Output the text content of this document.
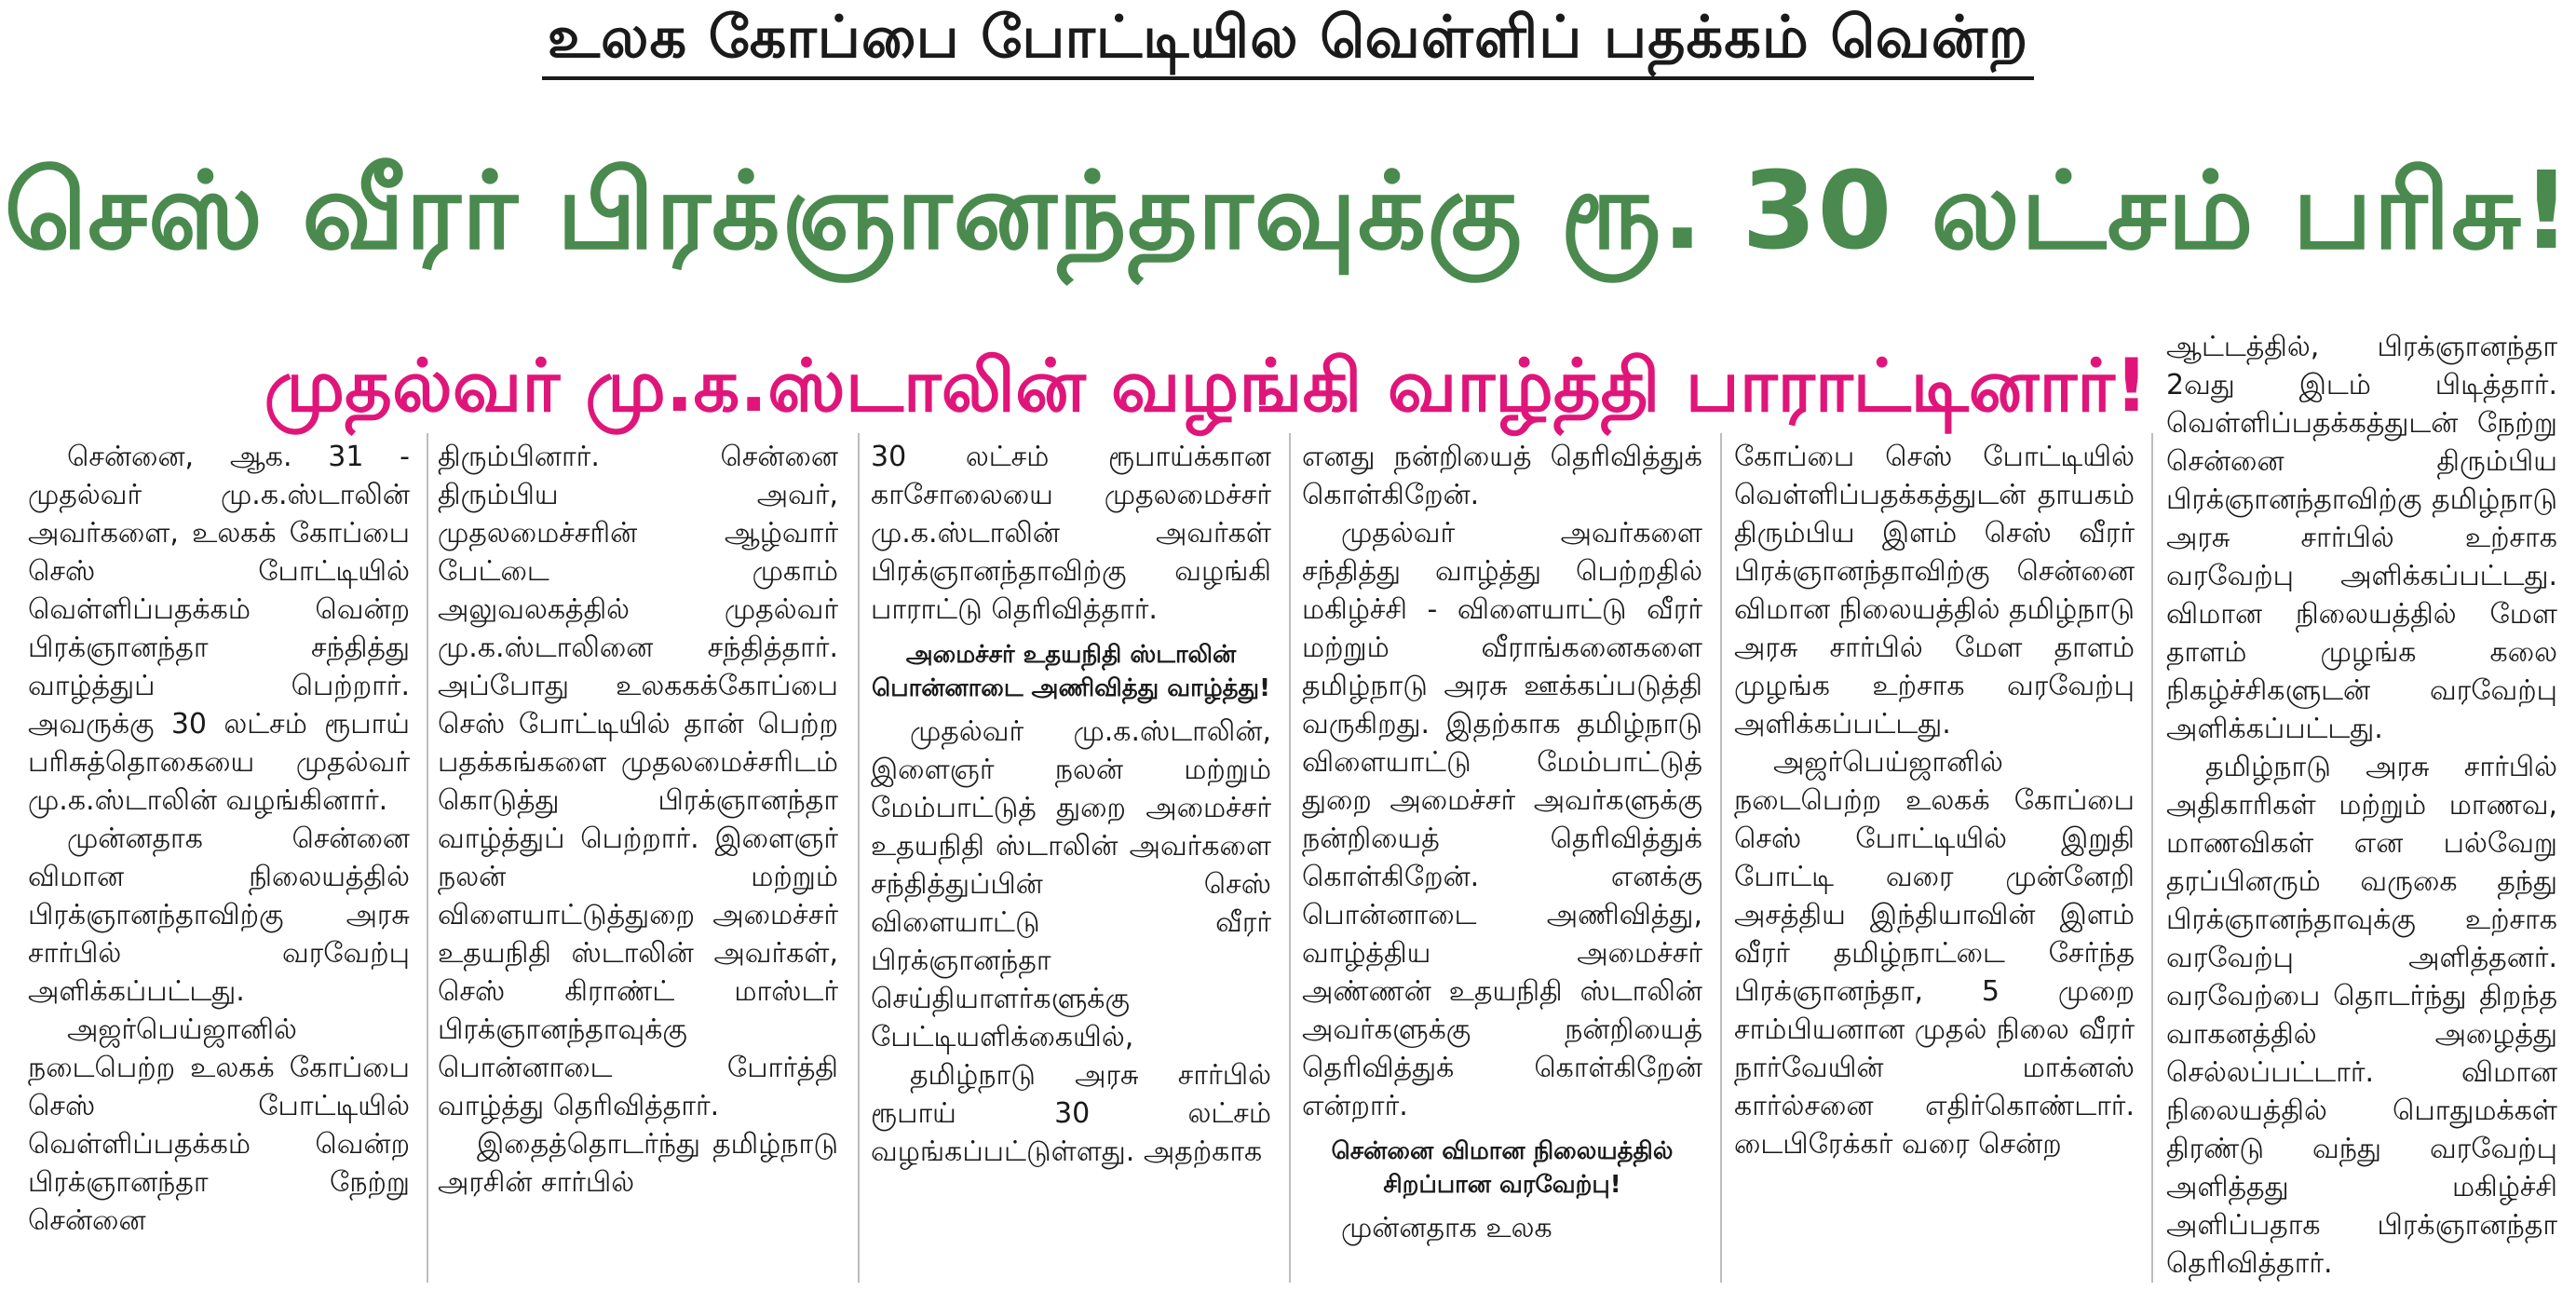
உலக கோப்பை போட்டியில வெள்ளிப் பதக்கம் வென்ற
செஸ் வீரர் பிரக்ஞானந்தாவுக்கு ரூ. 30 லட்சம் பரிசு!
முதல்வர் மு.க.ஸ்டாலின் வழங்கி வாழ்த்தி பாராட்டினார்!

சென்னை, ஆக. 31 - முதல்வர் மு.க.ஸ்டாலின் அவர்களை, உலகக் கோப்பை செஸ் போட்டியில் வெள்ளிப்பதக்கம் வென்ற பிரக்ஞானந்தா சந்தித்து வாழ்த்துப் பெற்றார். அவருக்கு 30 லட்சம் ரூபாய் பரிசுத்தொகையை முதல்வர் மு.க.ஸ்டாலின் வழங்கினார்.

முன்னதாக சென்னை விமான நிலையத்தில் பிரக்ஞானந்தாவிற்கு அரசு சார்பில் வரவேற்பு அளிக்கப்பட்டது.

அஜர்பெய்ஜானில் நடைபெற்ற உலகக் கோப்பை செஸ் போட்டியில் வெள்ளிப்பதக்கம் வென்ற பிரக்ஞானந்தா நேற்று சென்னை

திரும்பினார். சென்னை திரும்பிய அவர், முதலமைச்சரின் ஆழ்வார் பேட்டை முகாம் அலுவலகத்தில் முதல்வர் மு.க.ஸ்டாலினை சந்தித்தார். அப்போது உலககக்கோப்பை செஸ் போட்டியில் தான் பெற்ற பதக்கங்களை முதலமைச்சரிடம் கொடுத்து பிரக்ஞானந்தா வாழ்த்துப் பெற்றார். இளைஞர் நலன் மற்றும் விளையாட்டுத்துறை அமைச்சர் உதயநிதி ஸ்டாலின் அவர்கள், செஸ் கிராண்ட் மாஸ்டர் பிரக்ஞானந்தாவுக்கு பொன்னாடை போர்த்தி வாழ்த்து தெரிவித்தார்.

இதைத்தொடர்ந்து தமிழ்நாடு அரசின் சார்பில்

30 லட்சம் ரூபாய்க்கான காசோலையை முதலமைச்சர் மு.க.ஸ்டாலின் அவர்கள் பிரக்ஞானந்தாவிற்கு வழங்கி பாராட்டு தெரிவித்தார்.

அமைச்சர் உதயநிதி ஸ்டாலின் பொன்னாடை அணிவித்து வாழ்த்து!

முதல்வர் மு.க.ஸ்டாலின், இளைஞர் நலன் மற்றும் மேம்பாட்டுத் துறை அமைச்சர் உதயநிதி ஸ்டாலின் அவர்களை சந்தித்துப்பின் செஸ் விளையாட்டு வீரர் பிரக்ஞானந்தா செய்தியாளர்களுக்கு பேட்டியளிக்கையில்,

தமிழ்நாடு அரசு சார்பில் ரூபாய் 30 லட்சம் வழங்கப்பட்டுள்ளது. அதற்காக

எனது நன்றியைத் தெரிவித்துக் கொள்கிறேன்.

முதல்வர் அவர்களை சந்தித்து வாழ்த்து பெற்றதில் மகிழ்ச்சி - விளையாட்டு வீரர் மற்றும் வீராங்கனைகளை தமிழ்நாடு அரசு ஊக்கப்படுத்தி வருகிறது. இதற்காக தமிழ்நாடு விளையாட்டு மேம்பாட்டுத் துறை அமைச்சர் அவர்களுக்கு நன்றியைத் தெரிவித்துக் கொள்கிறேன். எனக்கு பொன்னாடை அணிவித்து, வாழ்த்திய அமைச்சர் அண்ணன் உதயநிதி ஸ்டாலின் அவர்களுக்கு நன்றியைத் தெரிவித்துக் கொள்கிறேன் என்றார்.

சென்னை விமான நிலையத்தில் சிறப்பான வரவேற்பு!

முன்னதாக உலக

கோப்பை செஸ் போட்டியில் வெள்ளிப்பதக்கத்துடன் தாயகம் திரும்பிய இளம் செஸ் வீரர் பிரக்ஞானந்தாவிற்கு சென்னை விமான நிலையத்தில் தமிழ்நாடு அரசு சார்பில் மேள தாளம் முழங்க உற்சாக வரவேற்பு அளிக்கப்பட்டது.

அஜர்பெய்ஜானில் நடைபெற்ற உலகக் கோப்பை செஸ் போட்டியில் இறுதி போட்டி வரை முன்னேறி அசத்திய இந்தியாவின் இளம் வீரர் தமிழ்நாட்டை சேர்ந்த பிரக்ஞானந்தா, 5 முறை சாம்பியனான முதல் நிலை வீரர் நார்வேயின் மாக்னஸ் கார்ல்சனை எதிர்கொண்டார். டைபிரேக்கர் வரை சென்ற

ஆட்டத்தில், பிரக்ஞானந்தா 2வது இடம் பிடித்தார். வெள்ளிப்பதக்கத்துடன் நேற்று சென்னை திரும்பிய பிரக்ஞானந்தாவிற்கு தமிழ்நாடு அரசு சார்பில் உற்சாக வரவேற்பு அளிக்கப்பட்டது. விமான நிலையத்தில் மேள தாளம் முழங்க கலை நிகழ்ச்சிகளுடன் வரவேற்பு அளிக்கப்பட்டது.

தமிழ்நாடு அரசு சார்பில் அதிகாரிகள் மற்றும் மாணவ, மாணவிகள் என பல்வேறு தரப்பினரும் வருகை தந்து பிரக்ஞானந்தாவுக்கு உற்சாக வரவேற்பு அளித்தனர். வரவேற்பை தொடர்ந்து திறந்த வாகனத்தில் அழைத்து செல்லப்பட்டார். விமான நிலையத்தில் பொதுமக்கள் திரண்டு வந்து வரவேற்பு அளித்தது மகிழ்ச்சி அளிப்பதாக பிரக்ஞானந்தா தெரிவித்தார்.
